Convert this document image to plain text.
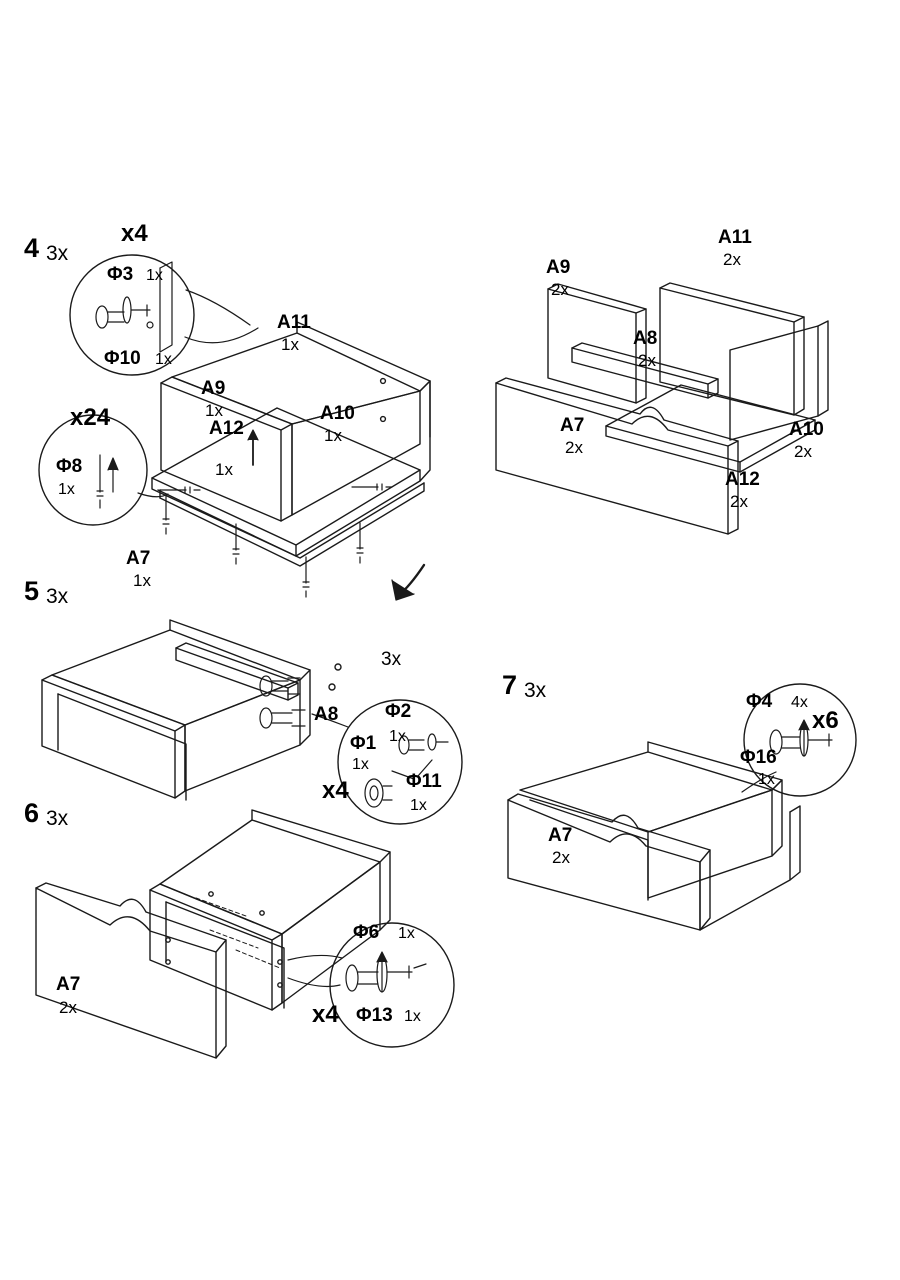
4 3x
x4
Φ3 1x
Φ10 1x
x24
Φ8
1x
A11
1x
A9
1x	A10
1x
A12
1x
A7
1x
A11
2x
A9
2x
A8
2x
A7
2x
A10
2x
A12
2x
5 3x
3x
A8
x4
Φ2
1x
Φ1
1x
Φ11
1x
6 3x
A7
2x	x4
Φ6 1x
Φ13 1x
7 3x
A7
2x
x6
Φ4 4x
Φ16
1x
